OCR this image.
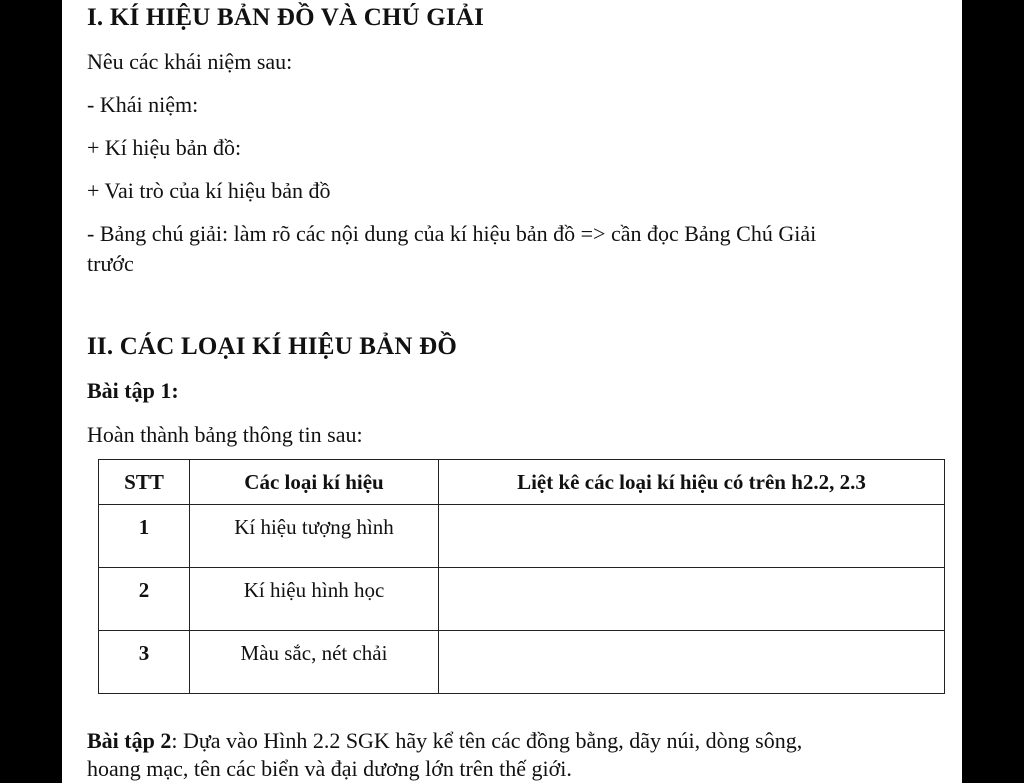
I. KÍ HIỆU BẢN ĐỒ VÀ CHÚ GIẢI
Nêu các khái niệm sau:
- Khái niệm:
+ Kí hiệu bản đồ:
+ Vai trò của kí hiệu bản đồ
- Bảng chú giải: làm rõ các nội dung của kí hiệu bản đồ => cần đọc Bảng Chú Giải
trước
II. CÁC LOẠI KÍ HIỆU BẢN ĐỒ
Bài tập 1:
Hoàn thành bảng thông tin sau:
STT	Các loại kí hiệu	Liệt kê các loại kí hiệu có trên h2.2, 2.3
1	Kí hiệu tượng hình	
2	Kí hiệu hình học	
3	Màu sắc, nét chải	
Bài tập 2: Dựa vào Hình 2.2 SGK hãy kể tên các đồng bằng, dãy núi, dòng sông,
hoang mạc, tên các biển và đại dương lớn trên thế giới.
